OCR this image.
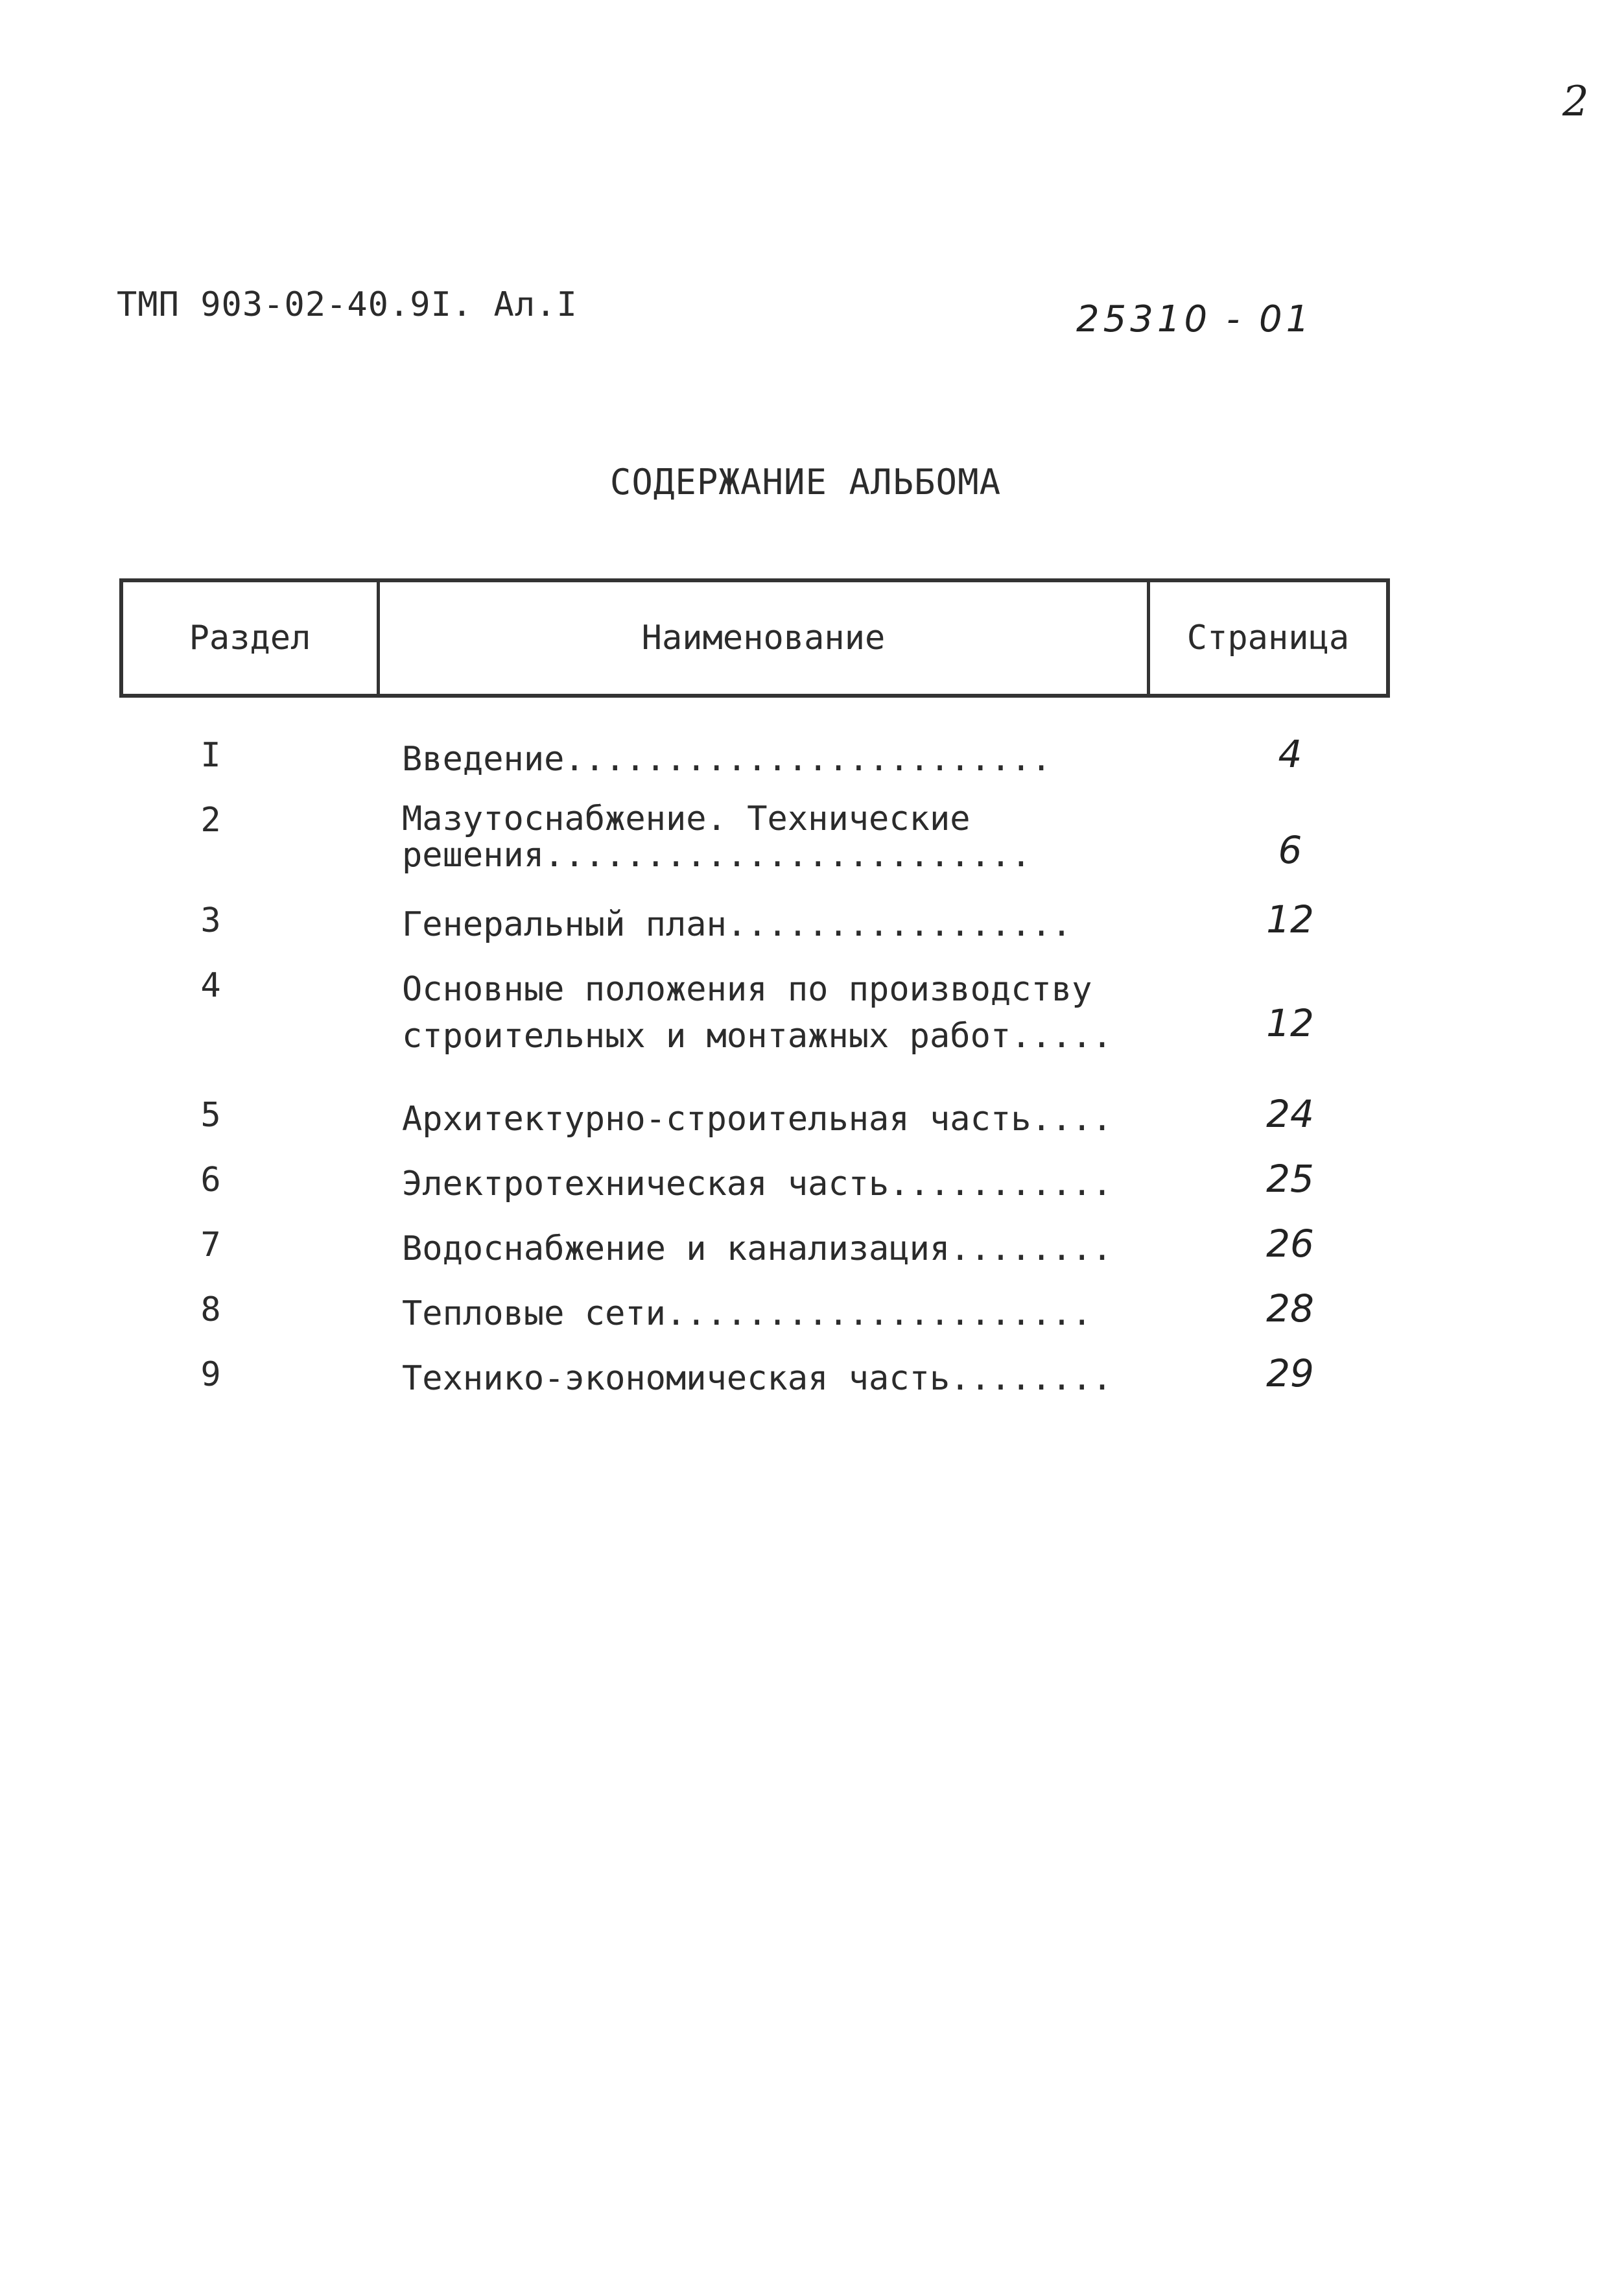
2
ТМП 903-02-40.9I. Ал.I	25310 - 01
СОДЕРЖАНИЕ АЛЬБОМА
Раздел	Наименование	Страница
I	Введение........................	4
2	Мазутоснабжение. Технические
решения........................	6
3	Генеральный план.................	12
4	Основные положения по производству
строительных и монтажных работ.....	12
5	Архитектурно-строительная часть....	24
6	Электротехническая часть...........	25
7	Водоснабжение и канализация........	26
8	Тепловые сети.....................	28
9	Технико-экономическая часть........	29
